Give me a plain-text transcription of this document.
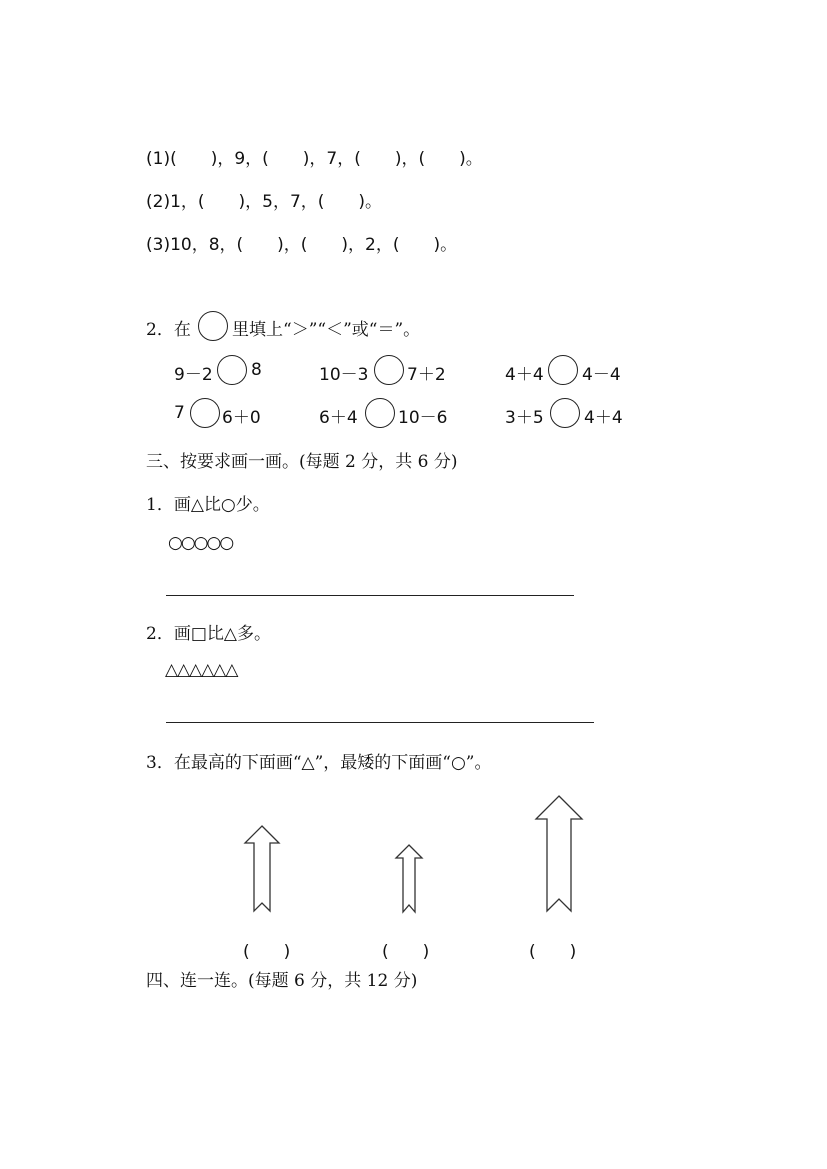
(1)(　　)，9，(　　)，7，(　　)，(　　)。
(2)1，(　　)，5，7，(　　)。
(3)10，8，(　　)，(　　)，2，(　　)。
2．在 里填上“＞”“＜”或“＝”。
9－2 8	10－3 7＋2	4＋4 4－4
7 6＋0	6＋4 10－6	3＋5 4＋4
三、按要求画一画。(每题 2 分，共 6 分)
1．画△比○少。
○○○○○
2．画□比△多。
△△△△△△
3．在最高的下面画“△”，最矮的下面画“○”。
(　　)	(　　)	(　　)
四、连一连。(每题 6 分，共 12 分)
